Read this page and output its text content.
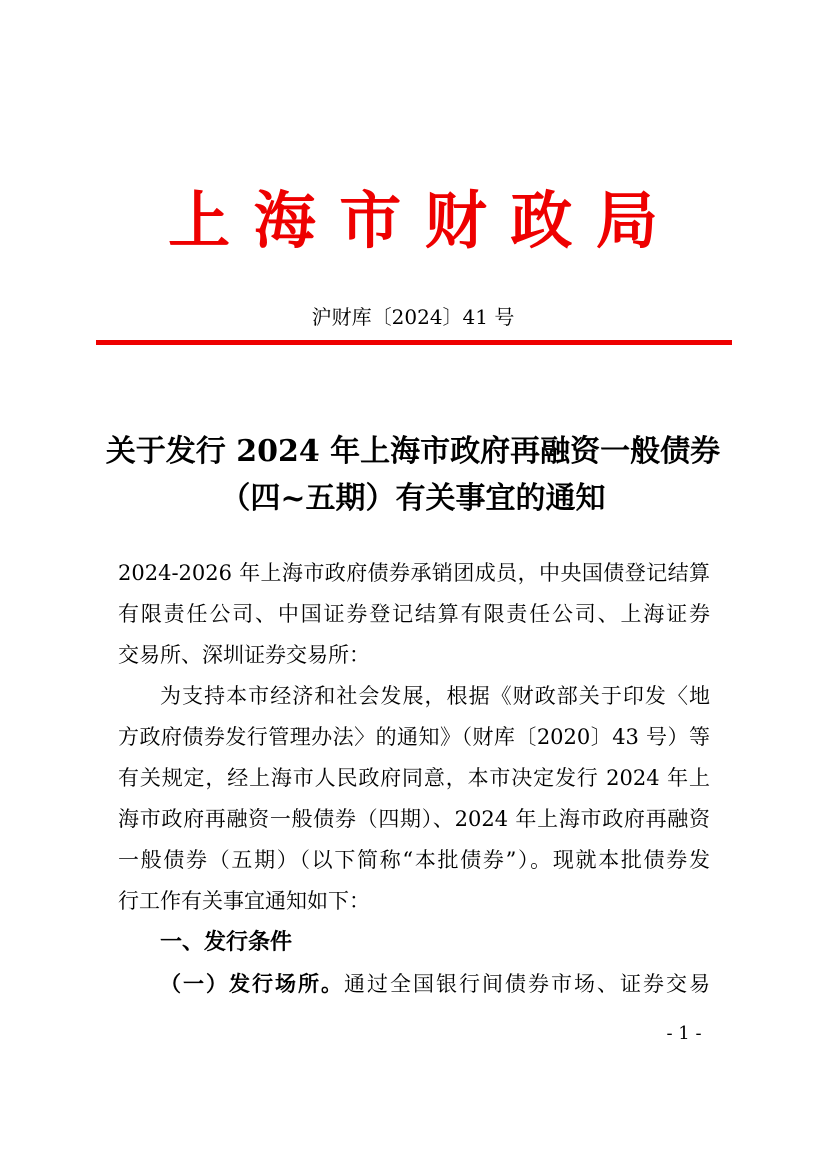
上海市财政局
沪财库〔2024〕41 号
关于发行 2024 年上海市政府再融资一般债券
（四~五期）有关事宜的通知
2024-2026 年上海市政府债券承销团成员，中央国债登记结算
有限责任公司、中国证券登记结算有限责任公司、上海证券
交易所、深圳证券交易所：
为支持本市经济和社会发展，根据《财政部关于印发〈地
方政府债券发行管理办法〉的通知》（财库〔2020〕43 号）等
有关规定，经上海市人民政府同意，本市决定发行 2024 年上
海市政府再融资一般债券（四期）、2024 年上海市政府再融资
一般债券（五期）（以下简称“本批债券”）。现就本批债券发
行工作有关事宜通知如下：
一、发行条件
（一）发行场所。通过全国银行间债券市场、证券交易
- 1 -
